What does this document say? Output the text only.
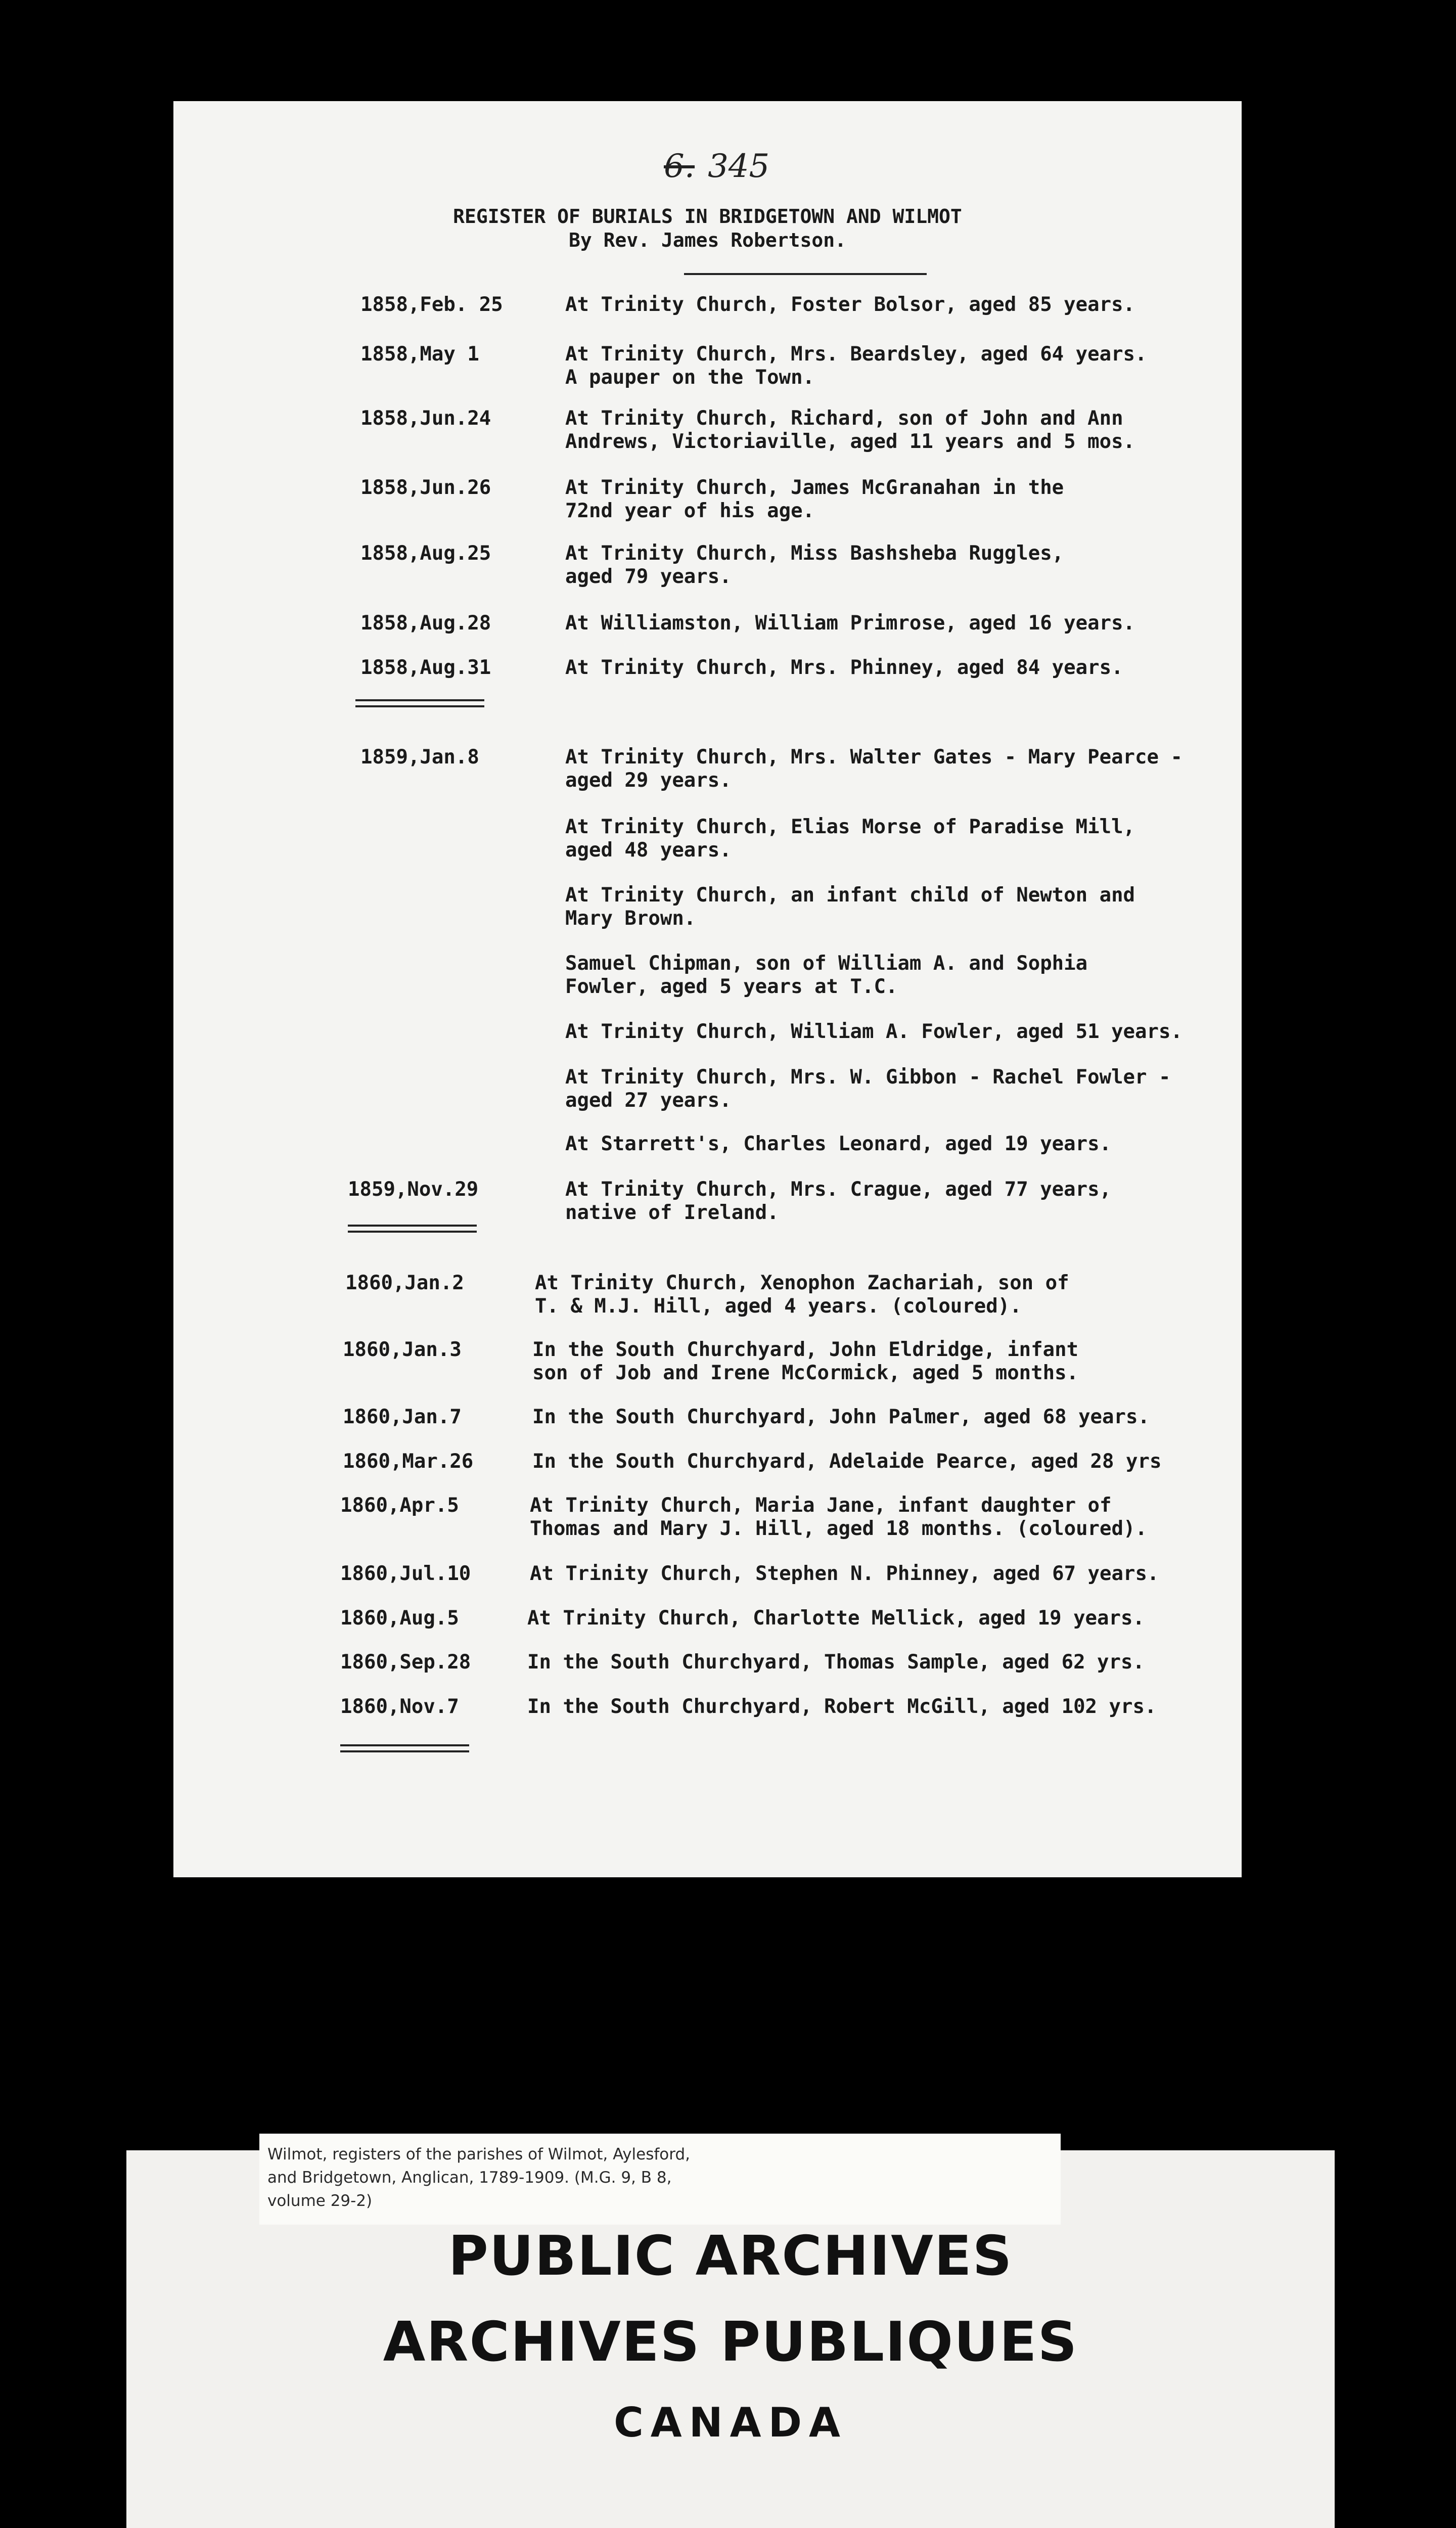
6. 345

REGISTER OF BURIALS IN BRIDGETOWN AND WILMOT
By Rev. James Robertson.
1858,Feb. 25	At Trinity Church, Foster Bolsor, aged 85 years.
1858,May 1	At Trinity Church, Mrs. Beardsley, aged 64 years.
A pauper on the Town.
1858,Jun.24	At Trinity Church, Richard, son of John and Ann
Andrews, Victoriaville, aged 11 years and 5 mos.
1858,Jun.26	At Trinity Church, James McGranahan in the
72nd year of his age.
1858,Aug.25	At Trinity Church, Miss Bashsheba Ruggles,
aged 79 years.
1858,Aug.28	At Williamston, William Primrose, aged 16 years.
1858,Aug.31	At Trinity Church, Mrs. Phinney, aged 84 years.
1859,Jan.8	At Trinity Church, Mrs. Walter Gates - Mary Pearce -
aged 29 years.
At Trinity Church, Elias Morse of Paradise Mill,
aged 48 years.
At Trinity Church, an infant child of Newton and
Mary Brown.
Samuel Chipman, son of William A. and Sophia
Fowler, aged 5 years at T.C.
At Trinity Church, William A. Fowler, aged 51 years.
At Trinity Church, Mrs. W. Gibbon - Rachel Fowler -
aged 27 years.
At Starrett's, Charles Leonard, aged 19 years.
1859,Nov.29	At Trinity Church, Mrs. Crague, aged 77 years,
native of Ireland.
1860,Jan.2	At Trinity Church, Xenophon Zachariah, son of
T. & M.J. Hill, aged 4 years. (coloured).
1860,Jan.3	In the South Churchyard, John Eldridge, infant
son of Job and Irene McCormick, aged 5 months.
1860,Jan.7	In the South Churchyard, John Palmer, aged 68 years.
1860,Mar.26	In the South Churchyard, Adelaide Pearce, aged 28 yrs
1860,Apr.5	At Trinity Church, Maria Jane, infant daughter of
Thomas and Mary J. Hill, aged 18 months. (coloured).
1860,Jul.10	At Trinity Church, Stephen N. Phinney, aged 67 years.
1860,Aug.5	At Trinity Church, Charlotte Mellick, aged 19 years.
1860,Sep.28	In the South Churchyard, Thomas Sample, aged 62 yrs.
1860,Nov.7	In the South Churchyard, Robert McGill, aged 102 yrs.
Wilmot, registers of the parishes of Wilmot, Aylesford,
and Bridgetown, Anglican, 1789-1909. (M.G. 9, B 8,
volume 29-2)
PUBLIC ARCHIVES
ARCHIVES PUBLIQUES
CANADA
